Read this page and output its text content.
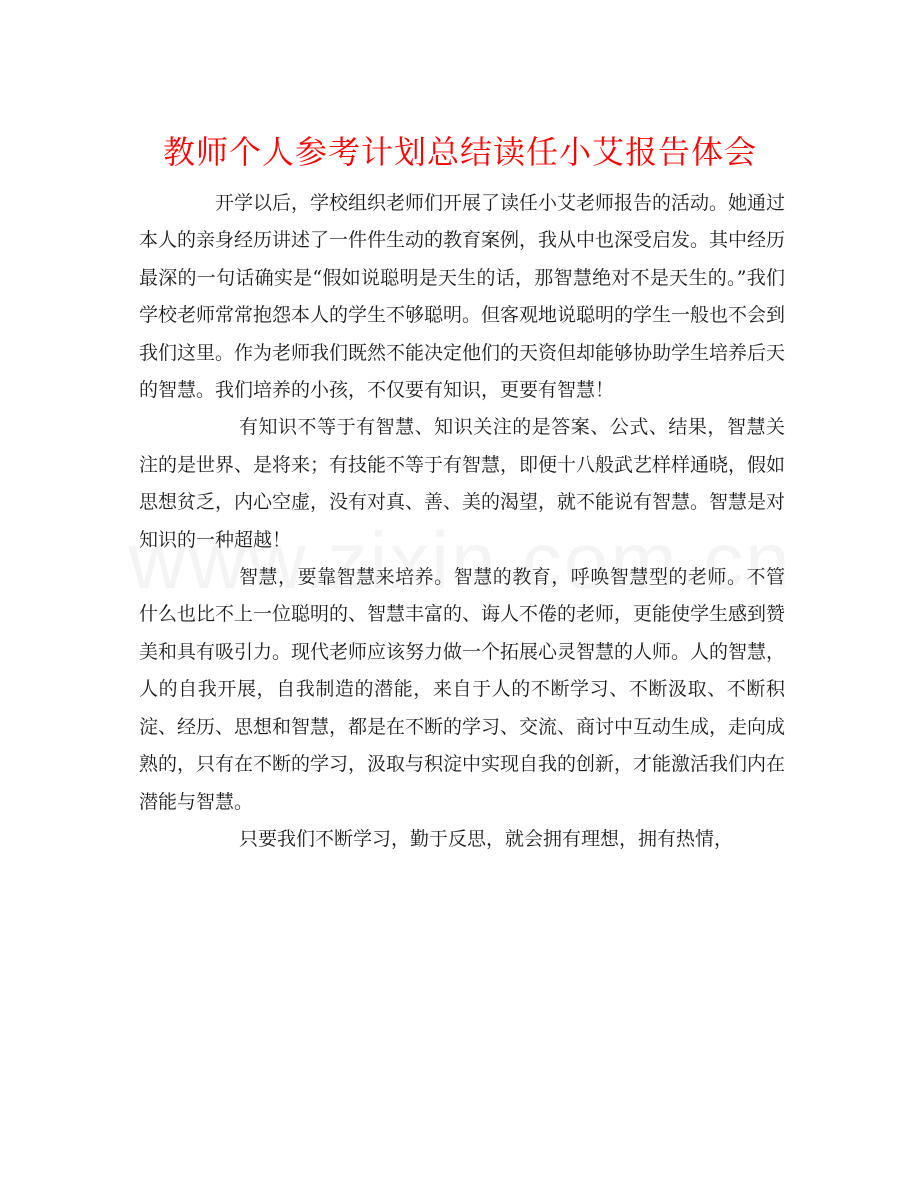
教师个人参考计划总结读任小艾报告体会

开学以后，学校组织老师们开展了读任小艾老师报告的活动。她通过本人的亲身经历讲述了一件件生动的教育案例，我从中也深受启发。其中经历最深的一句话确实是“假如说聪明是天生的话，那智慧绝对不是天生的。”我们学校老师常常抱怨本人的学生不够聪明。但客观地说聪明的学生一般也不会到我们这里。作为老师我们既然不能决定他们的天资但却能够协助学生培养后天的智慧。我们培养的小孩，不仅要有知识，更要有智慧！

有知识不等于有智慧、知识关注的是答案、公式、结果，智慧关注的是世界、是将来；有技能不等于有智慧，即便十八般武艺样样通晓，假如思想贫乏，内心空虚，没有对真、善、美的渴望，就不能说有智慧。智慧是对知识的一种超越！

智慧，要靠智慧来培养。智慧的教育，呼唤智慧型的老师。不管什么也比不上一位聪明的、智慧丰富的、诲人不倦的老师，更能使学生感到赞美和具有吸引力。现代老师应该努力做一个拓展心灵智慧的人师。人的智慧，人的自我开展，自我制造的潜能，来自于人的不断学习、不断汲取、不断积淀、经历、思想和智慧，都是在不断的学习、交流、商讨中互动生成，走向成熟的，只有在不断的学习，汲取与积淀中实现自我的创新，才能激活我们内在潜能与智慧。

只要我们不断学习，勤于反思，就会拥有理想，拥有热情，
